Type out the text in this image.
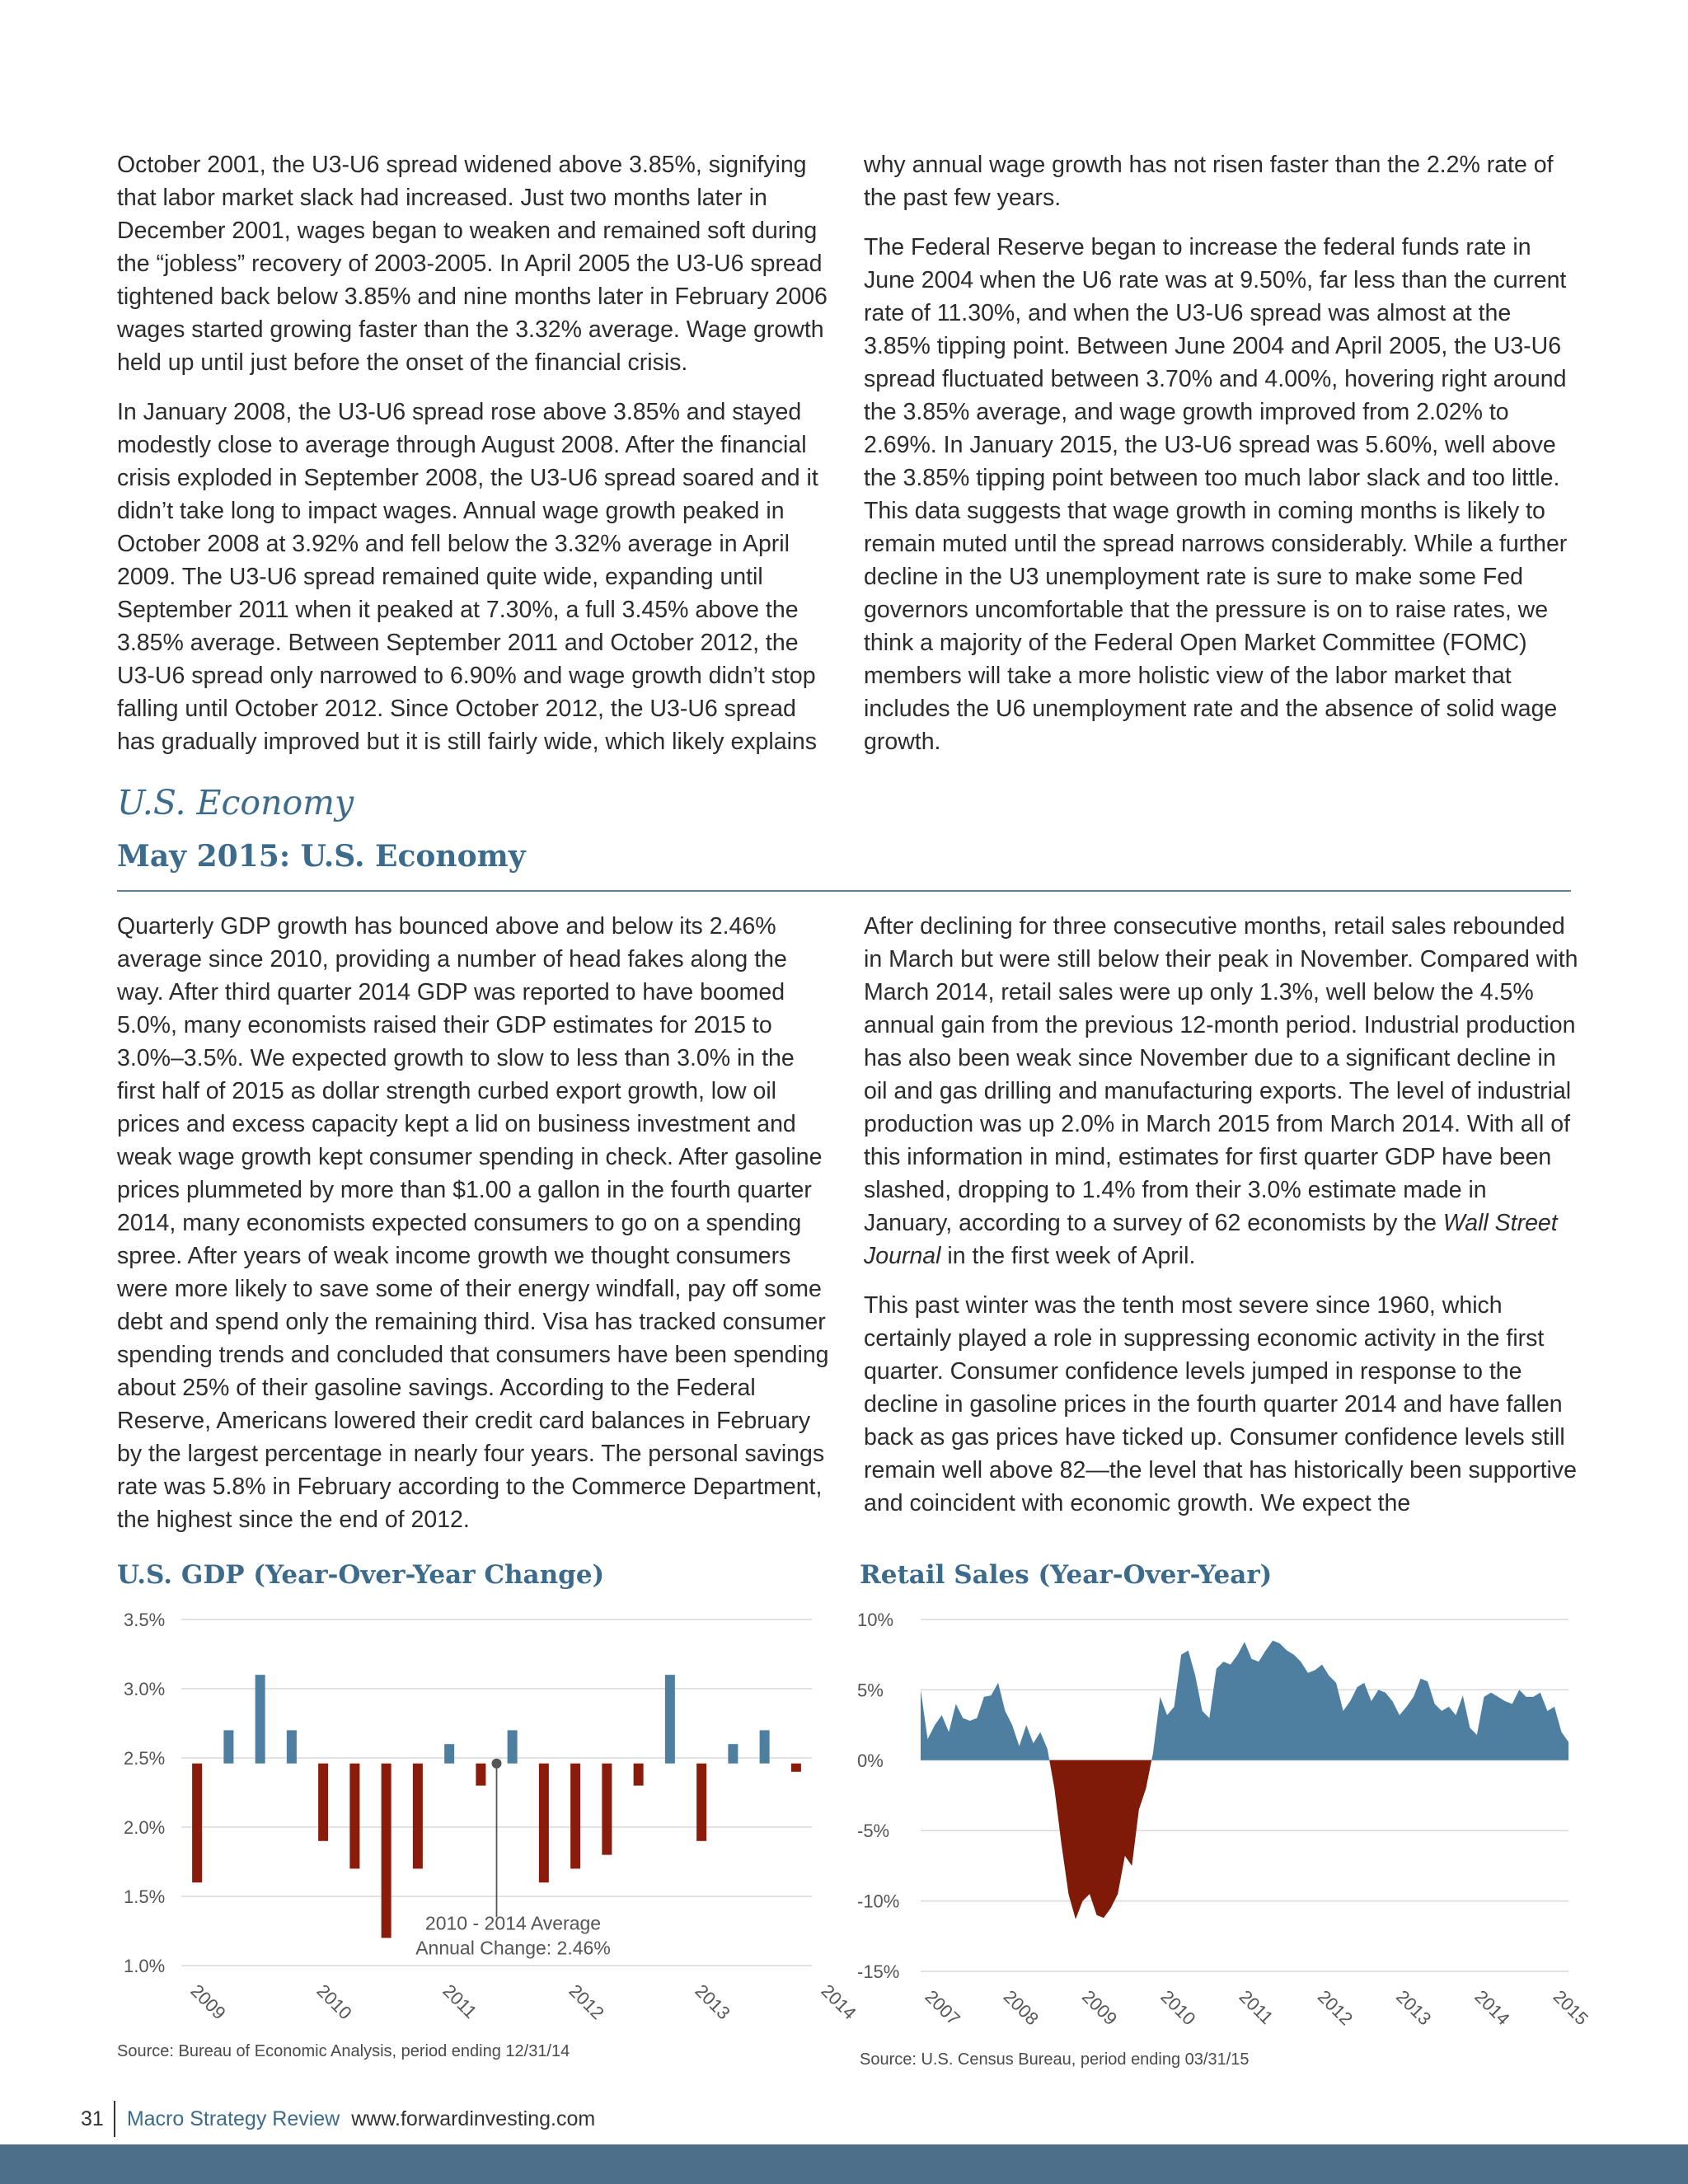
October 2001, the U3-U6 spread widened above 3.85%, signifying that labor market slack had increased. Just two months later in December 2001, wages began to weaken and remained soft during the “jobless” recovery of 2003-2005. In April 2005 the U3-U6 spread tightened back below 3.85% and nine months later in February 2006 wages started growing faster than the 3.32% average. Wage growth held up until just before the onset of the financial crisis.

In January 2008, the U3-U6 spread rose above 3.85% and stayed modestly close to average through August 2008. After the financial crisis exploded in September 2008, the U3-U6 spread soared and it didn’t take long to impact wages. Annual wage growth peaked in October 2008 at 3.92% and fell below the 3.32% average in April 2009. The U3-U6 spread remained quite wide, expanding until September 2011 when it peaked at 7.30%, a full 3.45% above the 3.85% average. Between September 2011 and October 2012, the U3-U6 spread only narrowed to 6.90% and wage growth didn’t stop falling until October 2012. Since October 2012, the U3-U6 spread has gradually improved but it is still fairly wide, which likely explains

why annual wage growth has not risen faster than the 2.2% rate of the past few years.

The Federal Reserve began to increase the federal funds rate in June 2004 when the U6 rate was at 9.50%, far less than the current rate of 11.30%, and when the U3-U6 spread was almost at the 3.85% tipping point. Between June 2004 and April 2005, the U3-U6 spread fluctuated between 3.70% and 4.00%, hovering right around the 3.85% average, and wage growth improved from 2.02% to 2.69%. In January 2015, the U3-U6 spread was 5.60%, well above the 3.85% tipping point between too much labor slack and too little. This data suggests that wage growth in coming months is likely to remain muted until the spread narrows considerably. While a further decline in the U3 unemployment rate is sure to make some Fed governors uncomfortable that the pressure is on to raise rates, we think a majority of the Federal Open Market Committee (FOMC) members will take a more holistic view of the labor market that includes the U6 unemployment rate and the absence of solid wage growth.

U.S. Economy
May 2015: U.S. Economy

Quarterly GDP growth has bounced above and below its 2.46% average since 2010, providing a number of head fakes along the way. After third quarter 2014 GDP was reported to have boomed 5.0%, many economists raised their GDP estimates for 2015 to 3.0%–3.5%. We expected growth to slow to less than 3.0% in the first half of 2015 as dollar strength curbed export growth, low oil prices and excess capacity kept a lid on business investment and weak wage growth kept consumer spending in check. After gasoline prices plummeted by more than $1.00 a gallon in the fourth quarter 2014, many economists expected consumers to go on a spending spree. After years of weak income growth we thought consumers were more likely to save some of their energy windfall, pay off some debt and spend only the remaining third. Visa has tracked consumer spending trends and concluded that consumers have been spending about 25% of their gasoline savings. According to the Federal Reserve, Americans lowered their credit card balances in February by the largest percentage in nearly four years. The personal savings rate was 5.8% in February according to the Commerce Department, the highest since the end of 2012.

After declining for three consecutive months, retail sales rebounded in March but were still below their peak in November. Compared with March 2014, retail sales were up only 1.3%, well below the 4.5% annual gain from the previous 12-month period. Industrial production has also been weak since November due to a significant decline in oil and gas drilling and manufacturing exports. The level of industrial production was up 2.0% in March 2015 from March 2014. With all of this information in mind, estimates for first quarter GDP have been slashed, dropping to 1.4% from their 3.0% estimate made in January, according to a survey of 62 economists by the Wall Street Journal in the first week of April.

This past winter was the tenth most severe since 1960, which certainly played a role in suppressing economic activity in the first quarter. Consumer confidence levels jumped in response to the decline in gasoline prices in the fourth quarter 2014 and have fallen back as gas prices have ticked up. Consumer confidence levels still remain well above 82—the level that has historically been supportive and coincident with economic growth. We expect the

U.S. GDP (Year-Over-Year Change)	Retail Sales (Year-Over-Year)
3.5%
3.0%
2.5%
2.0%
1.5%
1.0%
2010 - 2014 Average
Annual Change: 2.46%
2009	2010	2011	2012	2013	2014
10%
5%
0%
-5%
-10%
-15%
2007 2008 2009 2010 2011 2012 2013 2014 2015
Source: Bureau of Economic Analysis, period ending 12/31/14	Source: U.S. Census Bureau, period ending 03/31/15
31	Macro Strategy Review www.forwardinvesting.com
